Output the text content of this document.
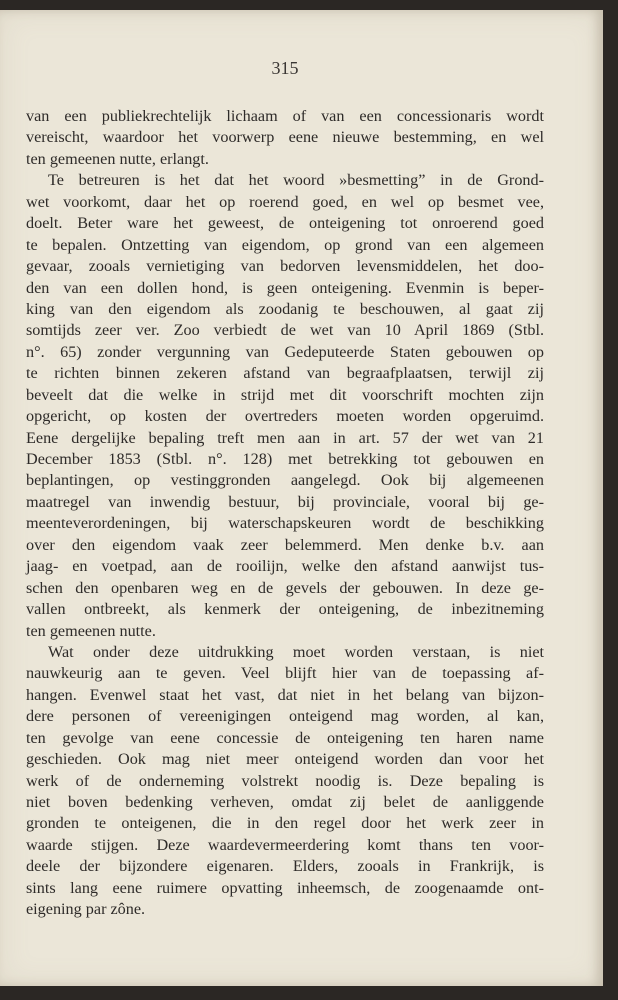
315
van een publiekrechtelijk lichaam of van een concessionaris wordt
vereischt, waardoor het voorwerp eene nieuwe bestemming, en wel
ten gemeenen nutte, erlangt.
Te betreuren is het dat het woord »besmetting” in de Grond-
wet voorkomt, daar het op roerend goed, en wel op besmet vee,
doelt. Beter ware het geweest, de onteigening tot onroerend goed
te bepalen. Ontzetting van eigendom, op grond van een algemeen
gevaar, zooals vernietiging van bedorven levensmiddelen, het doo-
den van een dollen hond, is geen onteigening. Evenmin is beper-
king van den eigendom als zoodanig te beschouwen, al gaat zij
somtijds zeer ver. Zoo verbiedt de wet van 10 April 1869 (Stbl.
n°. 65) zonder vergunning van Gedeputeerde Staten gebouwen op
te richten binnen zekeren afstand van begraafplaatsen, terwijl zij
beveelt dat die welke in strijd met dit voorschrift mochten zijn
opgericht, op kosten der overtreders moeten worden opgeruimd.
Eene dergelijke bepaling treft men aan in art. 57 der wet van 21
December 1853 (Stbl. n°. 128) met betrekking tot gebouwen en
beplantingen, op vestinggronden aangelegd. Ook bij algemeenen
maatregel van inwendig bestuur, bij provinciale, vooral bij ge-
meenteverordeningen, bij waterschapskeuren wordt de beschikking
over den eigendom vaak zeer belemmerd. Men denke b.v. aan
jaag- en voetpad, aan de rooilijn, welke den afstand aanwijst tus-
schen den openbaren weg en de gevels der gebouwen. In deze ge-
vallen ontbreekt, als kenmerk der onteigening, de inbezitneming
ten gemeenen nutte.
Wat onder deze uitdrukking moet worden verstaan, is niet
nauwkeurig aan te geven. Veel blijft hier van de toepassing af-
hangen. Evenwel staat het vast, dat niet in het belang van bijzon-
dere personen of vereenigingen onteigend mag worden, al kan,
ten gevolge van eene concessie de onteigening ten haren name
geschieden. Ook mag niet meer onteigend worden dan voor het
werk of de onderneming volstrekt noodig is. Deze bepaling is
niet boven bedenking verheven, omdat zij belet de aanliggende
gronden te onteigenen, die in den regel door het werk zeer in
waarde stijgen. Deze waardevermeerdering komt thans ten voor-
deele der bijzondere eigenaren. Elders, zooals in Frankrijk, is
sints lang eene ruimere opvatting inheemsch, de zoogenaamde ont-
eigening par zône.
